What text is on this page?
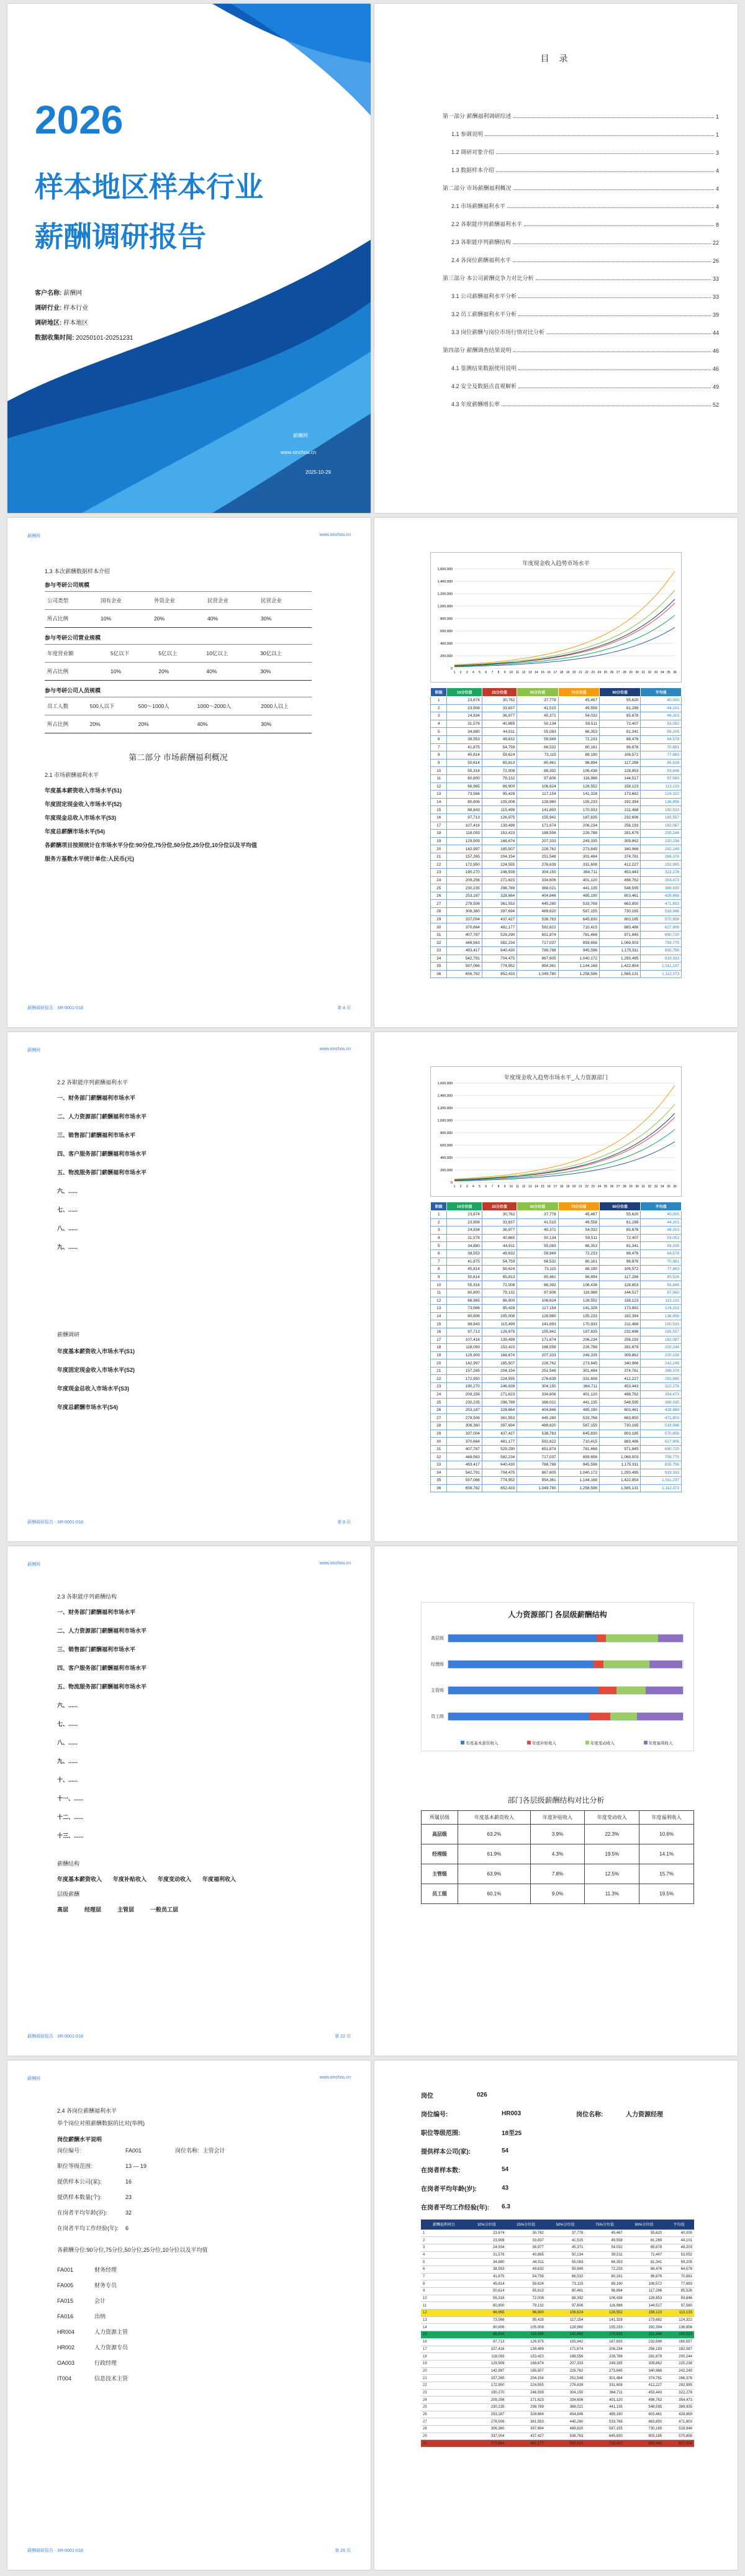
2026
样本地区样本行业
薪酬调研报告
客户名称: 薪酬网
调研行业: 样本行业
调研地区: 样本地区
数据收集时间: 20250101-20251231
薪酬网
www.xinchou.cn
2025-10-29
目 录
第一部分 薪酬福利调研综述	1
1.1 参调说明	1
1.2 调研对象介绍	3
1.3 数据样本介绍	4
第二部分 市场薪酬福利概况	4
2.1 市场薪酬福利水平	4
2.2 各职能序列薪酬福利水平	8
2.3 各职能序列薪酬结构	22
2.4 各岗位薪酬福利水平	26
第三部分 本公司薪酬竞争力对比分析	33
3.1 公司薪酬福利水平分析	33
3.2 员工薪酬福利水平分析	39
3.3 岗位薪酬与岗位市场行情对比分析	44
第四部分 薪酬调查结果说明	46
4.1 鉴测结果数据使用说明	46
4.2 安全及数据点直观解析	49
4.3 年度薪酬增长率	52
薪酬网	www.xinchou.cn
1.3 本次薪酬数据样本介绍
参与考研公司规模
公司类型	国有企业	外资企业	民营企业	民营企业
所占比例	10%	20%	40%	30%
参与考研公司营业规模
年度营业额	5亿以下	5亿以上	10亿以上	30亿以上
所占比例	10%	20%	40%	30%
参与考研公司人员规模
员工人数	500人以下	500～1000人	1000～2000人	2000人以上
所占比例	20%	20%	40%	30%
第二部分 市场薪酬福利概况
2.1 市场薪酬福利水平
年度基本薪资收入市场水平(51)
年度固定现金收入市场水平(52)
年度现金总收入市场水平(53)
年度总薪酬市场水平(54)
各薪酬项目按照统计在市场水平分位:90分位,75分位,50分位,25分位,10分位以及平均值
服务方基数水平统计单位:人民币(元)
薪酬调研报告 · XR-0001-018	第 4 页
年度现金收入趋势市场水平
0
200,000
400,000
600,000
800,000
1,000,000
1,200,000
1,400,000
1,600,000
1 2 3 4 5 6 7 8 9 10 11 12 13 14 15 16 17 18 19 20 21 22 23 24 25 26 27 28 29 30 31 32 33 34 35 36
职级	10分位值	25分位值	50分位值	75分位值	90分位值	平均值
1	23,674	30,762	37,778	45,467	55,620	40,000
2	23,908	33,837	41,515	49,558	61,289	44,101
3	24,934	36,977	45,371	54,032	65,678	48,203
4	31,578	40,865	50,134	59,511	72,407	53,052
5	34,880	44,911	55,083	66,353	81,341	59,205
6	38,553	49,632	59,949	72,233	88,476	64,578
7	41,875	54,759	66,532	80,161	96,876	70,881
8	45,814	59,624	73,115	88,190	106,572	77,883
9	50,614	65,813	80,461	96,894	117,286	85,526
10	55,316	72,008	88,392	106,438	128,853	93,846
11	60,800	79,132	97,606	116,988	144,517	97,560
12	66,965	86,900	106,624	128,552	158,123	113,133
13	73,566	95,428	117,154	141,328	173,682	124,322
14	80,806	105,008	128,960	155,233	192,394	136,856
15	88,843	115,499	141,893	170,933	211,468	150,533
16	97,713	126,975	155,942	187,835	232,696	165,557
17	107,416	139,499	171,674	206,234	256,193	182,087
18	118,093	153,423	188,556	226,788	281,679	200,244
19	129,909	168,674	207,333	249,335	309,862	220,238
20	142,997	185,507	228,762	273,845	340,966	242,249
21	157,265	204,154	251,548	301,484	374,781	266,378
22	172,950	224,555	276,639	331,608	412,227	292,995
23	190,270	246,939	304,150	364,711	453,443	322,276
24	209,256	271,623	334,606	401,120	498,762	354,473
25	230,235	298,789	368,021	441,135	548,595	389,935
26	253,187	328,664	404,846	485,190	603,461	428,869
27	278,506	361,553	445,260	533,768	663,850	471,803
28	306,360	397,694	489,820	587,155	730,165	518,946
29	337,004	437,427	538,763	645,830	803,185	570,858
30	370,664	481,177	592,622	710,415	883,486	627,906
31	407,787	529,290	651,874	781,468	971,845	690,720
32	448,563	582,234	717,037	859,656	1,069,003	759,775
33	493,417	640,430	788,788	945,596	1,175,911	835,756
34	542,791	704,475	867,605	1,040,172	1,293,495	919,333
35	597,066	774,952	954,361	1,144,168	1,422,854	1,011,237
36	656,782	852,433	1,049,780	1,258,596	1,565,131	1,112,373
薪酬网	www.xinchou.cn
2.2 各职能序列薪酬福利水平
一、财务部门薪酬福利市场水平
二、人力资源部门薪酬福利市场水平
三、销售部门薪酬福利市场水平
四、客户服务部门薪酬福利市场水平
五、物流服务部门薪酬福利市场水平
六、......
七、......
八、......
九、......
薪酬调研
年度基本薪资收入市场水平(S1)
年度固定现金收入市场水平(S2)
年度现金总收入市场水平(S3)
年度总薪酬市场水平(S4)
薪酬调研报告 · XR-0001-018	第 8 页
年度现金收入趋势市场水平_人力资源部门
0
200,000
400,000
600,000
800,000
1,000,000
1,200,000
1,400,000
1,600,000
1 2 3 4 5 6 7 8 9 10 11 12 13 14 15 16 17 18 19 20 21 22 23 24 25 26 27 28 29 30 31 32 33 34 35 36
职级	10分位值	25分位值	50分位值	75分位值	90分位值	平均值
1	23,674	30,762	37,778	45,467	55,620	40,000
2	23,908	33,837	41,515	49,558	61,289	44,101
3	24,934	36,977	45,371	54,032	65,678	48,203
4	31,578	40,865	50,134	59,511	72,407	53,052
5	34,880	44,911	55,083	66,353	81,341	59,205
6	38,553	49,632	59,949	72,233	88,476	64,578
7	41,875	54,759	66,532	80,161	96,876	70,881
8	45,814	59,624	73,115	88,190	106,572	77,883
9	50,614	65,813	80,461	96,894	117,286	85,526
10	55,316	72,008	88,392	106,438	128,853	93,846
11	60,800	79,132	97,606	116,988	144,517	97,560
12	66,965	86,900	106,624	128,552	158,123	113,133
13	73,566	95,428	117,154	141,328	173,682	124,322
14	80,806	105,008	128,960	155,233	192,394	136,856
15	88,843	115,499	141,893	170,933	211,468	150,533
16	97,713	126,975	155,942	187,835	232,696	165,557
17	107,416	139,499	171,674	206,234	256,193	182,087
18	118,093	153,423	188,556	226,788	281,679	200,244
19	129,909	168,674	207,333	249,335	309,862	220,238
20	142,997	185,507	228,762	273,845	340,966	242,249
21	157,265	204,154	251,548	301,484	374,781	266,378
22	172,950	224,555	276,639	331,608	412,227	292,995
23	190,270	246,939	304,150	364,711	453,443	322,276
24	209,256	271,623	334,606	401,120	498,762	354,473
25	230,235	298,789	368,021	441,135	548,595	389,935
26	253,187	328,664	404,846	485,190	603,461	428,869
27	278,506	361,553	445,260	533,768	663,850	471,803
28	306,360	397,694	489,820	587,155	730,165	518,946
29	337,004	437,427	538,763	645,830	803,185	570,858
30	370,664	481,177	592,622	710,415	883,486	627,906
31	407,787	529,290	651,874	781,468	971,845	690,720
32	448,563	582,234	717,037	859,656	1,069,003	759,775
33	493,417	640,430	788,788	945,596	1,175,911	835,756
34	542,791	704,475	867,605	1,040,172	1,293,495	919,333
35	597,066	774,952	954,361	1,144,168	1,422,854	1,011,237
36	656,782	852,433	1,049,780	1,258,596	1,565,131	1,112,373
薪酬网	www.xinchou.cn
2.3 各职能序列薪酬结构
一、财务部门薪酬福利市场水平
二、人力资源部门薪酬福利市场水平
三、销售部门薪酬福利市场水平
四、客户服务部门薪酬福利市场水平
五、物流服务部门薪酬福利市场水平
六、......
七、......
八、......
九、......
十、......
十一、......
十二、......
十三、......
薪酬结构
年度基本薪资收入 年度补贴收入 年度变动收入 年度福利收入
层级薪酬
高层	经理层	主管层	一般员工层
薪酬调研报告 · XR-0001-018	第 22 页
人力资源部门 各层级薪酬结构
高层级
经理级
主管级
员工级
年度基本薪资收入	年度补贴收入	年度变动收入	年度福利收入
部门各层级薪酬结构对比分析
所属层级	年度基本薪资收入	年度补贴收入	年度变动收入	年度福利收入
高层级	63.2%	3.9%	22.3%	10.6%
经理级	61.9%	4.3%	19.5%	14.1%
主管级	63.9%	7.8%	12.5%	15.7%
员工级	60.1%	9.0%	11.3%	19.5%
薪酬网	www.xinchou.cn
2.4 各岗位薪酬福利水平
举个岗位对照薪酬数据的比对(举例)
岗位薪酬水平说明
岗位编号:	FA001	岗位名称: 主管会计
职位等级范围:	13 — 19
提供样本公司(家):	16
提供样本数量(个):	23
在岗者平均年龄(岁):	32
在岗者平均工作经验(年): 6
各薪酬分位:90分位,75分位,50分位,25分位,10分位以及平均值
FA001	财务经理
FA005	财务专员
FA015	会计
FA016	出纳
HR004	人力资源主管
HR002	人力资源专员
OA003	行政经理
IT004	信息技术主管
薪酬调研报告 · XR-0001-018	第 26 页
岗位	026
岗位编号:	HR003	岗位名称:	人力资源经理
职位等级范围:	18至25
提供样本公司(家):	54
在岗者样本数:	54
在岗者平均年龄(岁):	43
在岗者平均工作经验(年):	6.3
薪酬福利项目	10%分位值	25%分位值	50%分位值	75%分位值	90%分位值	平均值
1	23,674	30,762	37,778	45,467	55,620	40,000
2	23,908	33,837	41,515	49,558	61,289	44,101
3	24,934	36,977	45,371	54,032	65,678	48,203
4	31,578	40,865	50,134	59,511	72,407	53,052
5	34,880	44,911	55,083	66,353	81,341	59,205
6	38,553	49,632	59,949	72,233	88,476	64,578
7	41,875	54,759	66,532	80,161	96,876	70,881
8	45,814	59,624	73,115	88,190	106,572	77,883
9	50,614	65,813	80,461	96,894	117,286	85,526
10	55,316	72,008	88,392	106,438	128,853	93,846
11	60,800	79,132	97,606	116,988	144,517	97,560
12	66,965	86,900	106,624	128,552	158,123	113,133
13	73,566	95,428	117,154	141,328	173,682	124,322
14	80,806	105,008	128,960	155,233	192,394	136,856
15	88,843	115,499	141,893	170,933	211,468	150,533
16	97,713	126,975	155,942	187,835	232,696	165,557
17	107,416	139,499	171,674	206,234	256,193	182,087
18	118,093	153,423	188,556	226,788	281,679	200,244
19	129,909	168,674	207,333	249,335	309,862	220,238
20	142,997	185,507	228,762	273,845	340,966	242,249
21	157,265	204,154	251,548	301,484	374,781	266,378
22	172,950	224,555	276,639	331,608	412,227	292,995
23	190,270	246,939	304,150	364,711	453,443	322,276
24	209,256	271,623	334,606	401,120	498,762	354,473
25	230,235	298,789	368,021	441,135	548,595	389,935
26	253,187	328,664	404,846	485,190	603,461	428,869
27	278,506	361,553	445,260	533,768	663,850	471,803
28	306,360	397,694	489,820	587,155	730,165	518,946
29	337,004	437,427	538,763	645,830	803,185	570,858
30	370,664	481,177	592,622	710,415	883,486	627,906
